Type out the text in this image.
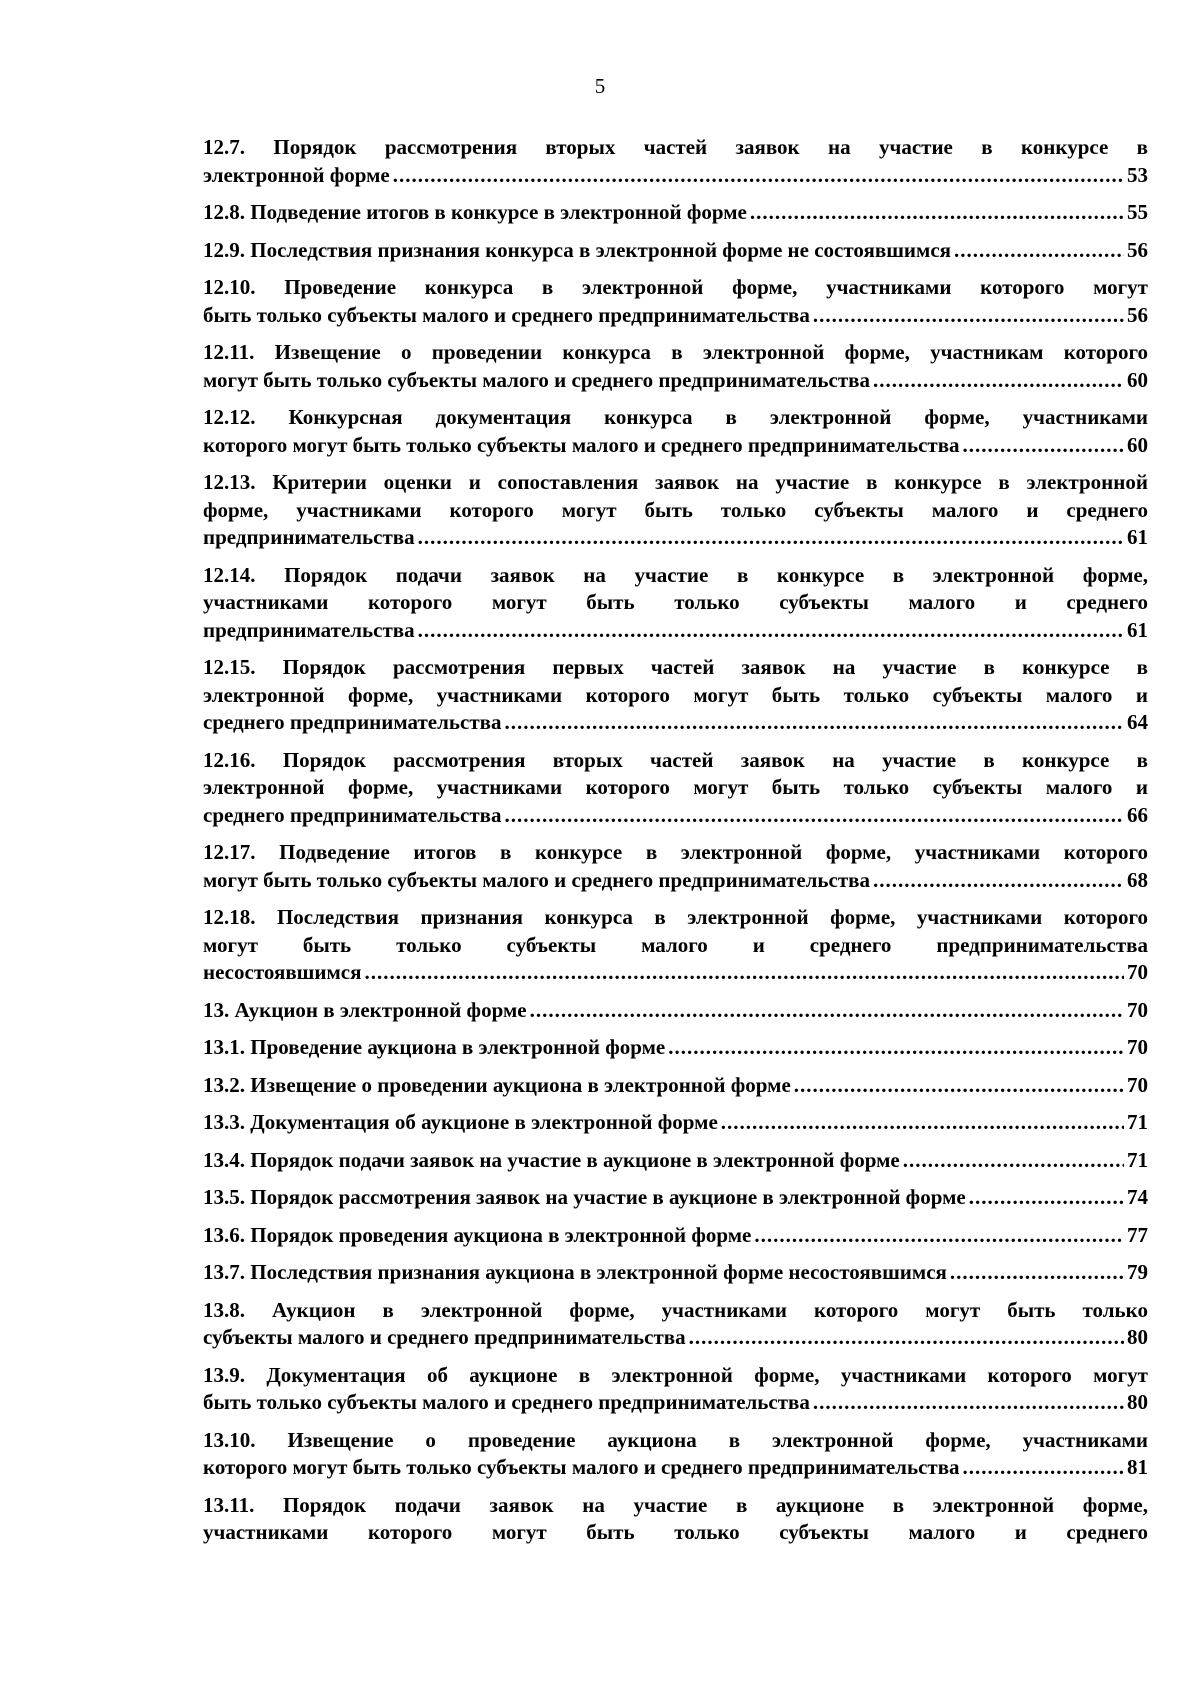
5
12.7. Порядок рассмотрения вторых частей заявок на участие в конкурсе в
электронной форме .....	53
12.8. Подведение итогов в конкурсе в электронной форме .....	55
12.9. Последствия признания конкурса в электронной форме не состоявшимся .....	56
12.10. Проведение конкурса в электронной форме, участниками которого могут
быть только субъекты малого и среднего предпринимательства .....	56
12.11. Извещение о проведении конкурса в электронной форме, участникам которого
могут быть только субъекты малого и среднего предпринимательства .....	60
12.12. Конкурсная документация конкурса в электронной форме, участниками
которого могут быть только субъекты малого и среднего предпринимательства .....	60
12.13. Критерии оценки и сопоставления заявок на участие в конкурсе в электронной
форме, участниками которого могут быть только субъекты малого и среднего
предпринимательства .....	61
12.14. Порядок подачи заявок на участие в конкурсе в электронной форме,
участниками которого могут быть только субъекты малого и среднего
предпринимательства .....	61
12.15. Порядок рассмотрения первых частей заявок на участие в конкурсе в
электронной форме, участниками которого могут быть только субъекты малого и
среднего предпринимательства .....	64
12.16. Порядок рассмотрения вторых частей заявок на участие в конкурсе в
электронной форме, участниками которого могут быть только субъекты малого и
среднего предпринимательства .....	66
12.17. Подведение итогов в конкурсе в электронной форме, участниками которого
могут быть только субъекты малого и среднего предпринимательства .....	68
12.18. Последствия признания конкурса в электронной форме, участниками которого
могут быть только субъекты малого и среднего предпринимательства
несостоявшимся .....	70
13. Аукцион в электронной форме .....	70
13.1. Проведение аукциона в электронной форме .....	70
13.2. Извещение о проведении аукциона в электронной форме .....	70
13.3. Документация об аукционе в электронной форме .....	71
13.4. Порядок подачи заявок на участие в аукционе в электронной форме .....	71
13.5. Порядок рассмотрения заявок на участие в аукционе в электронной форме .....	74
13.6. Порядок проведения аукциона в электронной форме .....	77
13.7. Последствия признания аукциона в электронной форме несостоявшимся .....	79
13.8. Аукцион в электронной форме, участниками которого могут быть только
субъекты малого и среднего предпринимательства .....	80
13.9. Документация об аукционе в электронной форме, участниками которого могут
быть только субъекты малого и среднего предпринимательства .....	80
13.10. Извещение о проведение аукциона в электронной форме, участниками
которого могут быть только субъекты малого и среднего предпринимательства .....	81
13.11. Порядок подачи заявок на участие в аукционе в электронной форме,
участниками которого могут быть только субъекты малого и среднего
